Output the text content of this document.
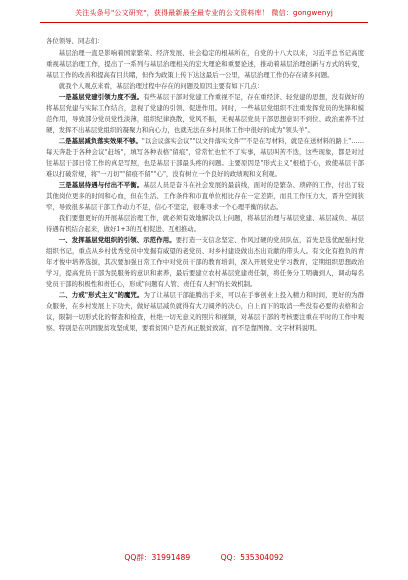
关注头条号"公文研究"，获得最新最全最专业的公文资料库！ 微信：gongwenyj

各位领导、同志们：

基层治理一直是影响着国家繁荣、经济发展、社会稳定的根基所在，自党的十八大以来，习近平总书记高度重视基层治理工作，提出了一系列与基层治理相关的宏大理论和重要论述，推动着基层治理创新与方式的转变，基层工作的改善和提高有目共睹，但作为政策上传下达这最后一公里，基层治理工作仍存在诸多问题。

就我个人观点来看，基层治理过程中存在的问题及原因主要有如下几点：

一是基层党建引领力度不强。有些基层干部对党建工作重视不足，存在重经济、轻党建的思想，没有做好的将基层党建与实际工作结合，忽视了党建的引领、促进作用。同时，一些基层党组织不注重发挥党员的先锋和模范作用，导致部分党员党性淡薄，组织纪律涣散，党风不振，无视基层党员干部思想意识不到位、政治素养不过硬，发挥不出基层党组织的凝聚力和向心力，也就无法在乡村具体工作中很好的成为"领头羊"。

二是基层减负落实效果不够。"以会议落实会议""以文件落实文件""不是在写材料，就是在送材料的路上"……每天奔赴于各种会议"赶场"，填写各种表格"留痕"，常常忙也忙不了实事，基层叫苦不迭，这些现象，都是对过往基层干部日常工作的真是写照，也是基层干部最头疼的问题。主要原因是"形式主义"根植于心，致使基层干部难以打破常规，将"一刀切""留痕不留""心"，没有树立一个良好的政绩观和义利观。

三是基层待遇与付出不平衡。基层人员是奋斗在社会发展的最前线，面对的是繁杂、琐碎的工作，付出了较其他岗位更多的时间和心血，但在生活、工作条件和市直单位相比存在一定差距，而且工作压力大，晋升空间狭窄，导致很多基层干部工作动力不足，信心不坚定，很难寻求一个心理平衡的状态。

我们要想更好的开展基层治理工作，就必须有效地解决以上问题，将基层治理与基层党建、基层减负、基层待遇有机结合起来，做好1+3的互相促进、互相推动。

一、发挥基层党组织的引领、示范作用。要打造一支信念坚定、作风过硬的党员队伍，首先是选优配强村党组织书记，重点从乡村优秀党员中发掘有威望的老党员、对乡村建设做出杰出贡献的带头人。有文化有抱负的青年才俊中培养选拔，其次要加强日常工作中对党员干部的教育培训，深入开展党史学习教育，定期组织思想政治学习，提高党员干部为民服务的意识和素养，最后要建立农村基层党建责任制，将任务分工明确到人，调动每名党员干部的积极性和责任心，形成"问题有人管、责任有人担"的长效机制。

二、力戒"形式主义"的魔咒。为了让基层干部能腾出手来，可以在手事创业上投入精力和时间，更好的为群众服务，在乡村发展上下功夫，做好基层减负就得有大刀阔斧的决心，自上而下的取消一些没有必要的表格和会议，限制一切形式化的督查和检查，杜绝一切无意义的照片和视频，对基层干部的考核要注重在平时的工作中观察。特别是在巩固脱贫攻坚成果，要看贫困户是否真正脱贫致富，而不是靠图像、文字材料说明。

QQ群：31991489	QQ：535304092
